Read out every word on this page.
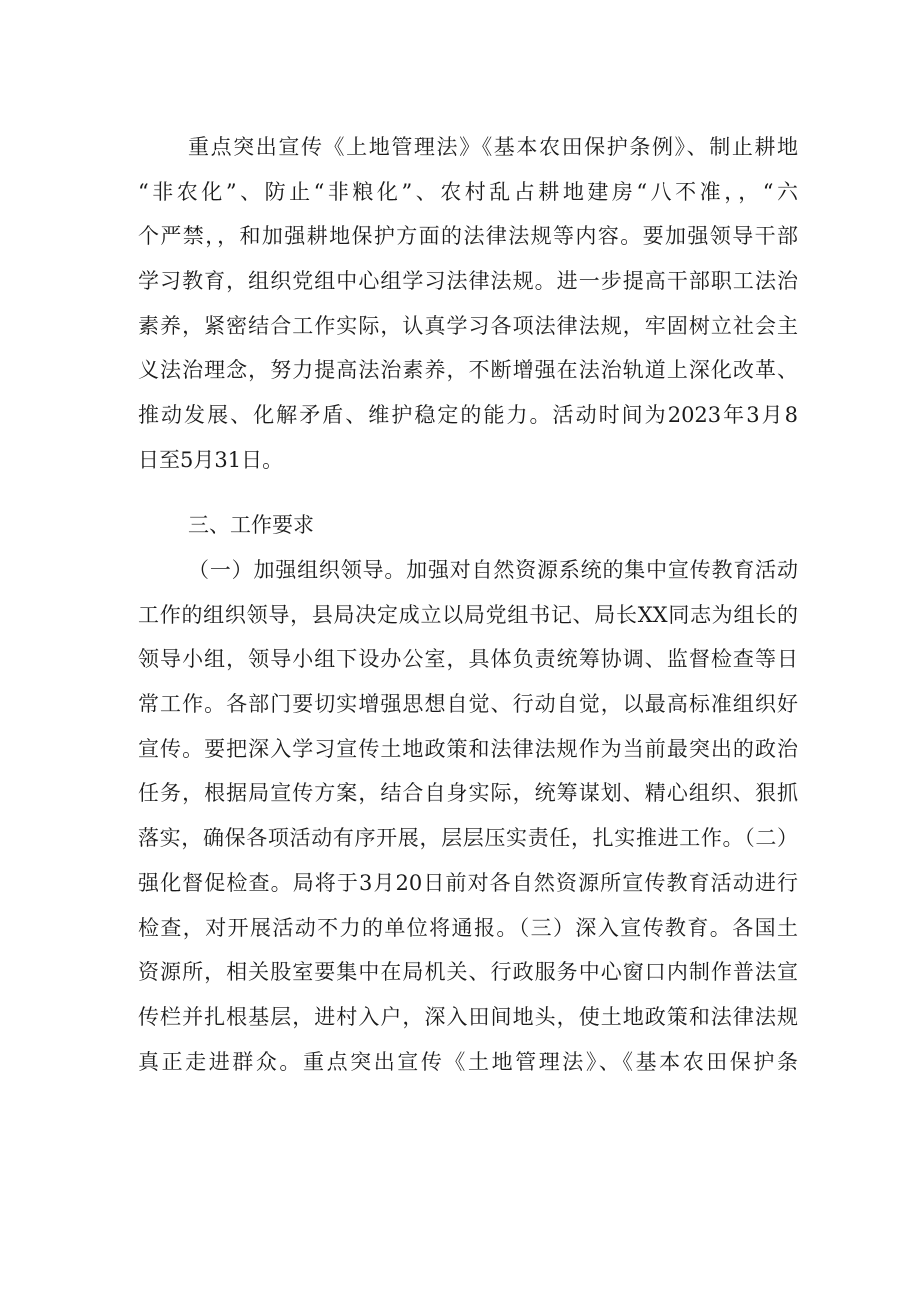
重点突出宣传《上地管理法》《基本农田保护条例》、制止耕地
“非农化”、防止“非粮化”、农村乱占耕地建房“八不准，，“六
个严禁，，和加强耕地保护方面的法律法规等内容。要加强领导干部
学习教育，组织党组中心组学习法律法规。进一步提高干部职工法治
素养，紧密结合工作实际，认真学习各项法律法规，牢固树立社会主
义法治理念，努力提高法治素养，不断增强在法治轨道上深化改革、
推动发展、化解矛盾、维护稳定的能力。活动时间为2023年3月8
日至5月31日。
三、工作要求
（一）加强组织领导。加强对自然资源系统的集中宣传教育活动
工作的组织领导，县局决定成立以局党组书记、局长XX同志为组长的
领导小组，领导小组下设办公室，具体负责统筹协调、监督检查等日
常工作。各部门要切实增强思想自觉、行动自觉，以最高标准组织好
宣传。要把深入学习宣传土地政策和法律法规作为当前最突出的政治
任务，根据局宣传方案，结合自身实际，统筹谋划、精心组织、狠抓
落实，确保各项活动有序开展，层层压实责任，扎实推进工作。（二）
强化督促检查。局将于3月20日前对各自然资源所宣传教育活动进行
检查，对开展活动不力的单位将通报。（三）深入宣传教育。各国土
资源所，相关股室要集中在局机关、行政服务中心窗口内制作普法宣
传栏并扎根基层，进村入户，深入田间地头，使土地政策和法律法规
真正走进群众。重点突出宣传《土地管理法》、《基本农田保护条
